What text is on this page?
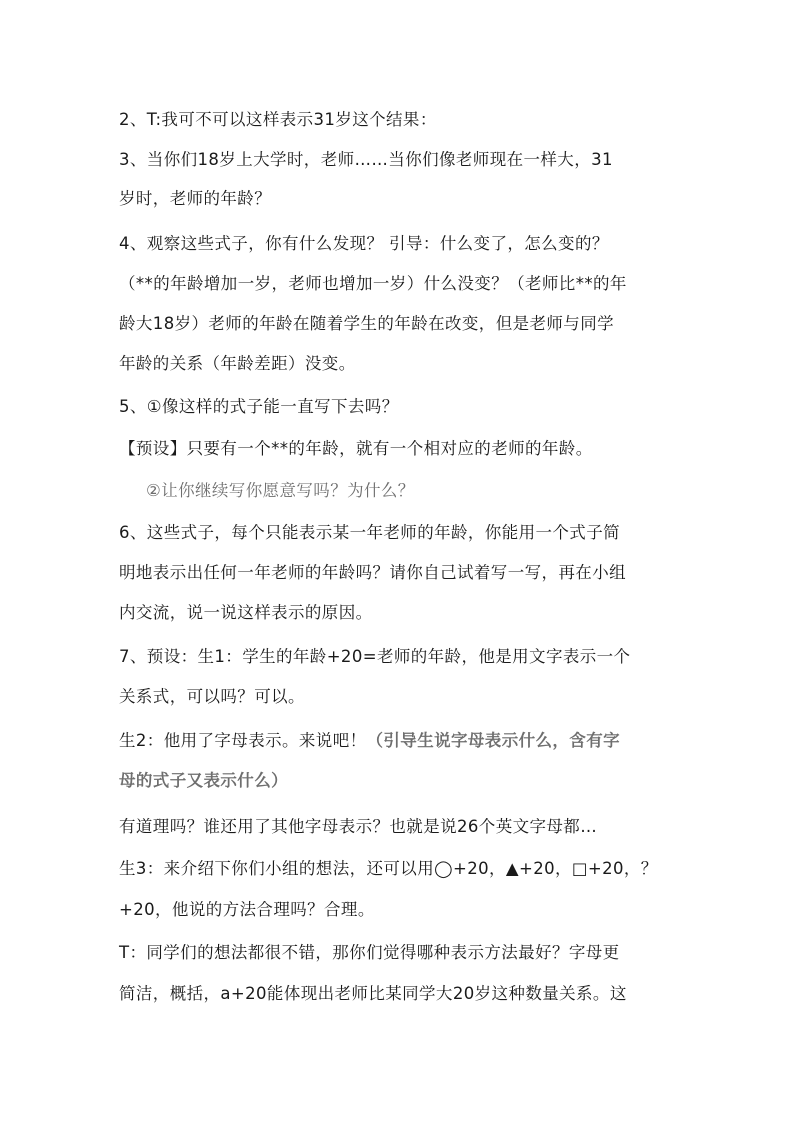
2、T:我可不可以这样表示31岁这个结果：
3、当你们18岁上大学时，老师……当你们像老师现在一样大，31
岁时，老师的年龄？
4、观察这些式子，你有什么发现？ 引导：什么变了，怎么变的？
（**的年龄增加一岁，老师也增加一岁）什么没变？（老师比**的年
龄大18岁）老师的年龄在随着学生的年龄在改变，但是老师与同学
年龄的关系（年龄差距）没变。
5、①像这样的式子能一直写下去吗？
【预设】只要有一个**的年龄，就有一个相对应的老师的年龄。
②让你继续写你愿意写吗？为什么？
6、这些式子，每个只能表示某一年老师的年龄，你能用一个式子简
明地表示出任何一年老师的年龄吗？请你自己试着写一写，再在小组
内交流，说一说这样表示的原因。
7、预设：生1：学生的年龄+20=老师的年龄，他是用文字表示一个
关系式，可以吗？可以。
生2：他用了字母表示。来说吧！（引导生说字母表示什么，含有字
母的式子又表示什么）
有道理吗？谁还用了其他字母表示？也就是说26个英文字母都…
生3：来介绍下你们小组的想法，还可以用◯+20，▲+20，□+20，？
+20，他说的方法合理吗？合理。
T：同学们的想法都很不错，那你们觉得哪种表示方法最好？字母更
简洁，概括，a+20能体现出老师比某同学大20岁这种数量关系。这
